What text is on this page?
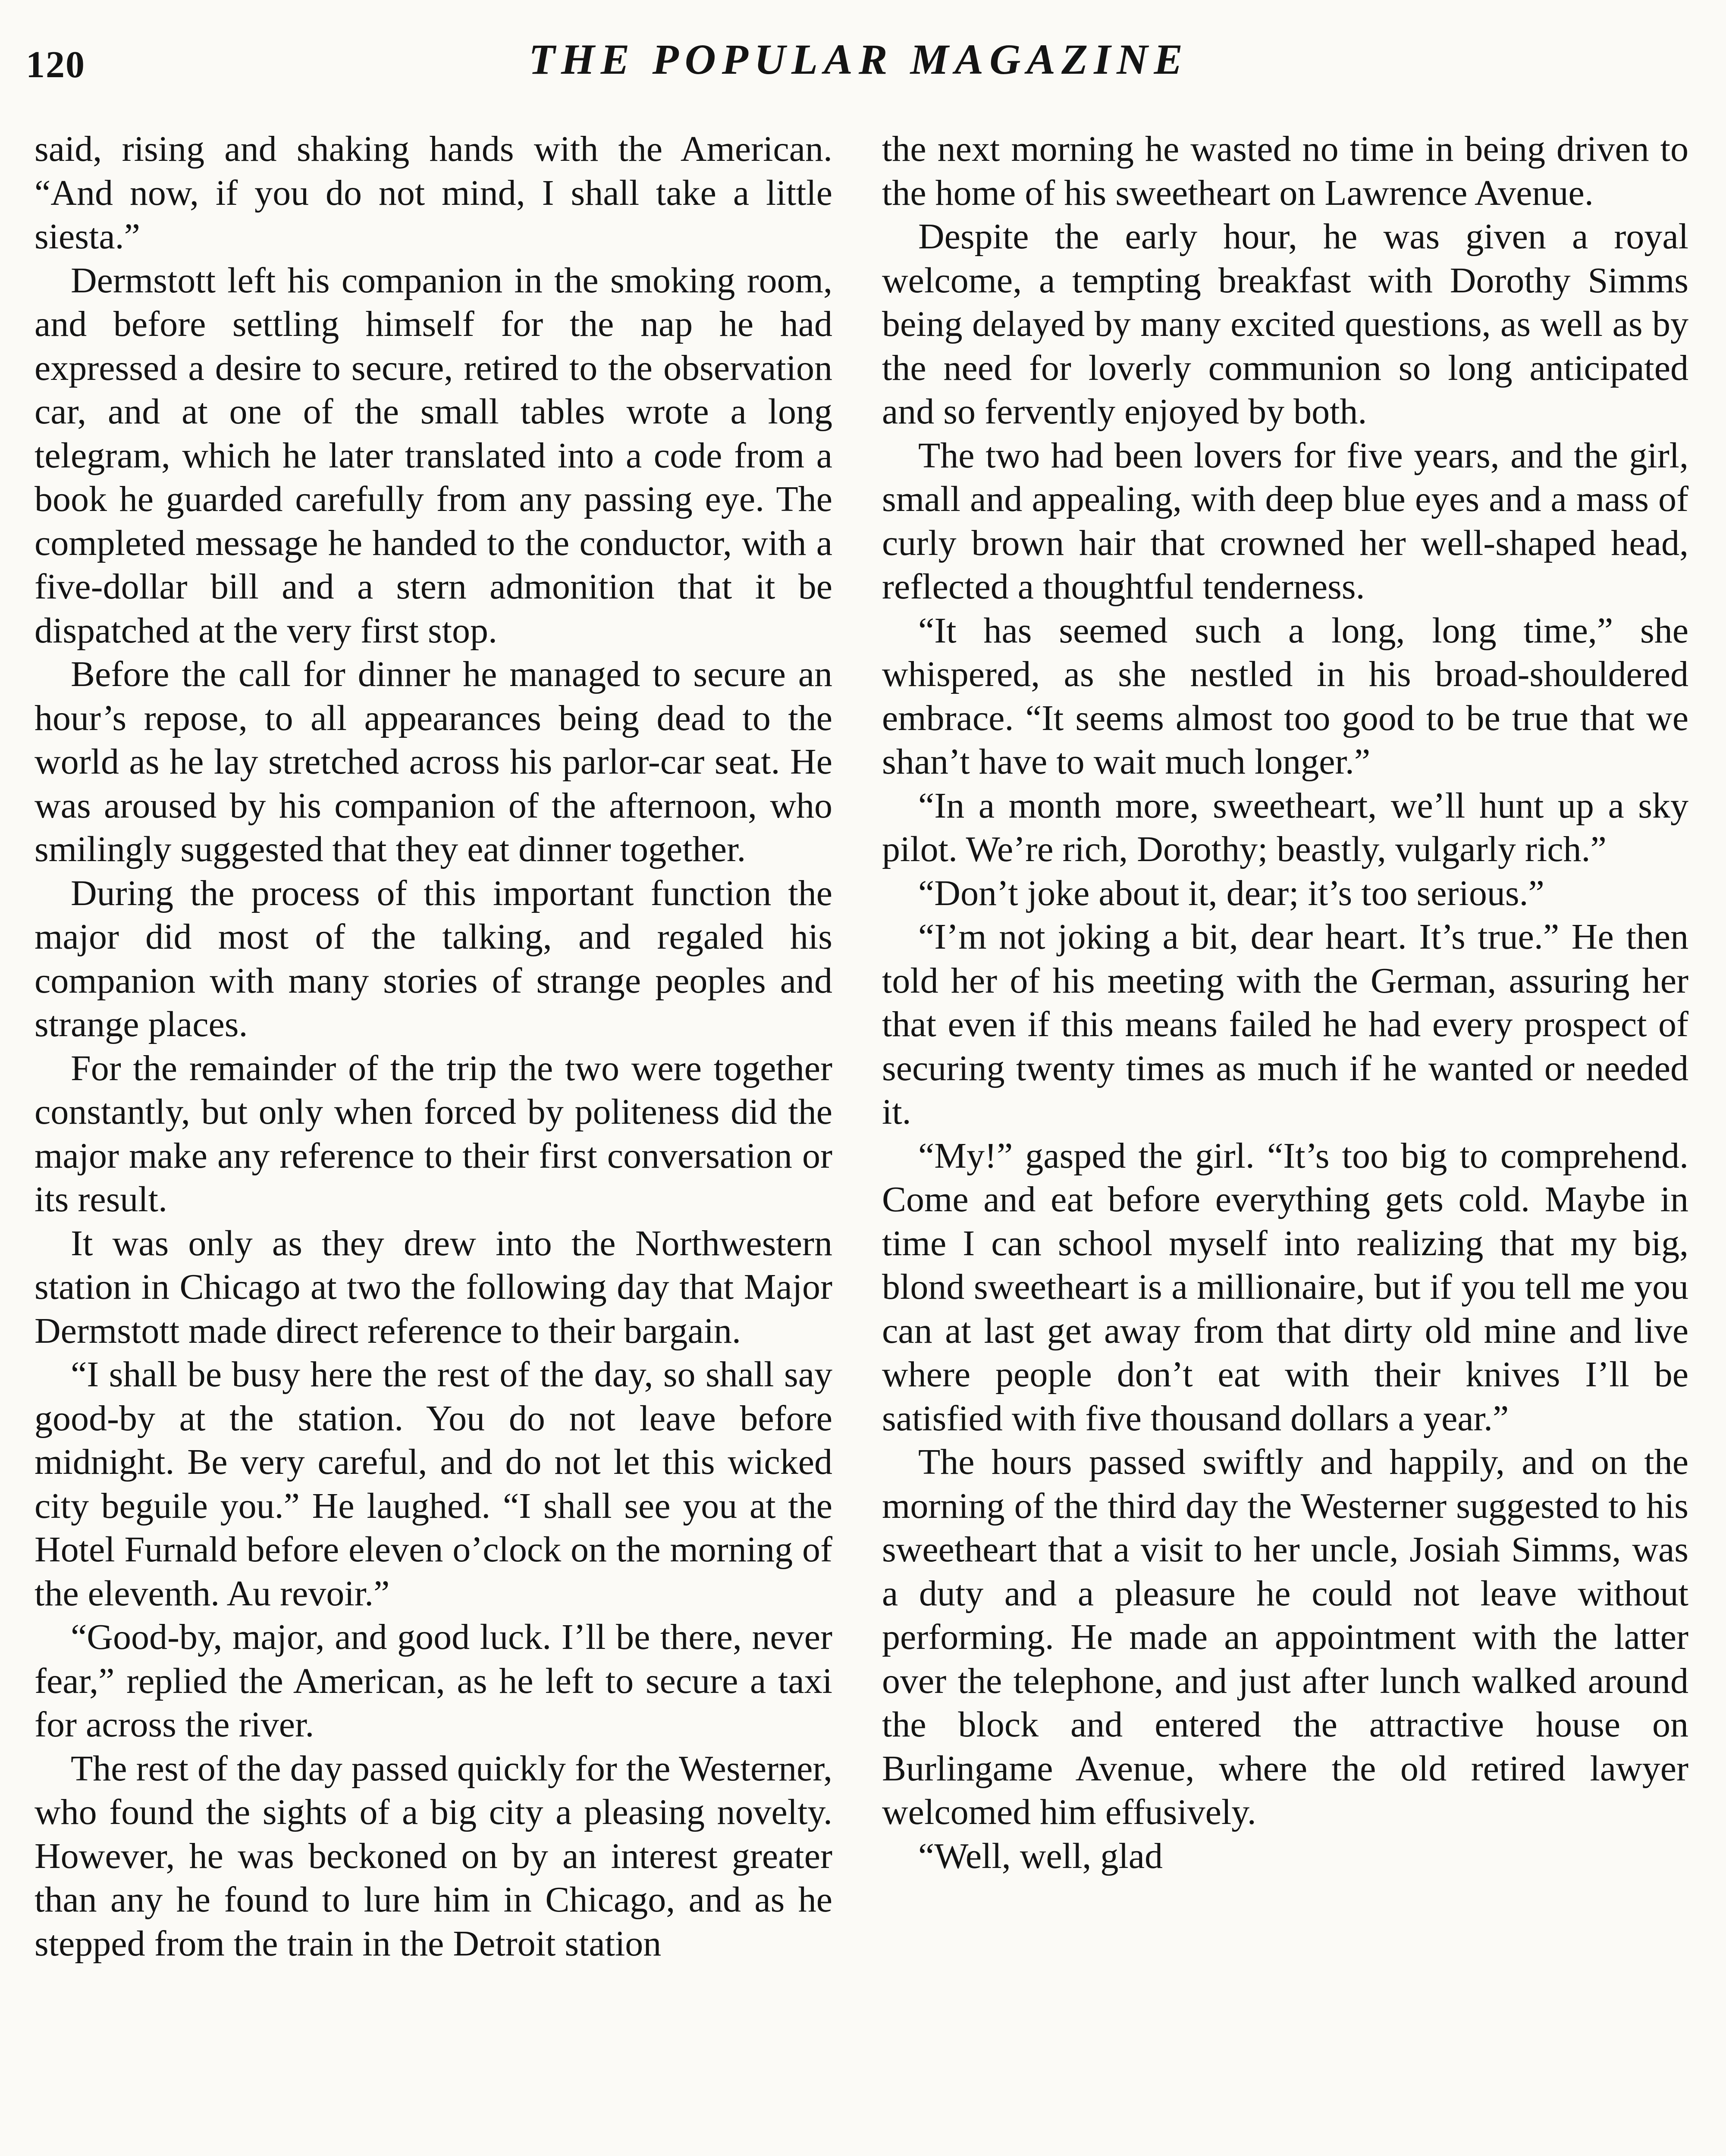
120	THE POPULAR MAGAZINE

said, rising and shaking hands with the American. “And now, if you do not mind, I shall take a little siesta.”

Dermstott left his companion in the smoking room, and before settling himself for the nap he had expressed a desire to secure, retired to the observation car, and at one of the small tables wrote a long telegram, which he later translated into a code from a book he guarded carefully from any passing eye. The completed message he handed to the conductor, with a five-dollar bill and a stern admonition that it be dispatched at the very first stop.

Before the call for dinner he managed to secure an hour’s repose, to all appearances being dead to the world as he lay stretched across his parlor-car seat. He was aroused by his companion of the afternoon, who smilingly suggested that they eat dinner together.

During the process of this important function the major did most of the talking, and regaled his companion with many stories of strange peoples and strange places.

For the remainder of the trip the two were together constantly, but only when forced by politeness did the major make any reference to their first conversation or its result.

It was only as they drew into the Northwestern station in Chicago at two the following day that Major Dermstott made direct reference to their bargain.

“I shall be busy here the rest of the day, so shall say good-by at the station. You do not leave before midnight. Be very careful, and do not let this wicked city beguile you.” He laughed. “I shall see you at the Hotel Furnald before eleven o’clock on the morning of the eleventh. Au revoir.”

“Good-by, major, and good luck. I’ll be there, never fear,” replied the American, as he left to secure a taxi for across the river.

The rest of the day passed quickly for the Westerner, who found the sights of a big city a pleasing novelty. However, he was beckoned on by an interest greater than any he found to lure him in Chicago, and as he stepped from the train in the Detroit station

the next morning he wasted no time in being driven to the home of his sweetheart on Lawrence Avenue.

Despite the early hour, he was given a royal welcome, a tempting breakfast with Dorothy Simms being delayed by many excited questions, as well as by the need for loverly communion so long anticipated and so fervently enjoyed by both.

The two had been lovers for five years, and the girl, small and appealing, with deep blue eyes and a mass of curly brown hair that crowned her well-shaped head, reflected a thoughtful tenderness.

“It has seemed such a long, long time,” she whispered, as she nestled in his broad-shouldered embrace. “It seems almost too good to be true that we shan’t have to wait much longer.”

“In a month more, sweetheart, we’ll hunt up a sky pilot. We’re rich, Dorothy; beastly, vulgarly rich.”

“Don’t joke about it, dear; it’s too serious.”

“I’m not joking a bit, dear heart. It’s true.” He then told her of his meeting with the German, assuring her that even if this means failed he had every prospect of securing twenty times as much if he wanted or needed it.

“My!” gasped the girl. “It’s too big to comprehend. Come and eat before everything gets cold. Maybe in time I can school myself into realizing that my big, blond sweetheart is a millionaire, but if you tell me you can at last get away from that dirty old mine and live where people don’t eat with their knives I’ll be satisfied with five thousand dollars a year.”

The hours passed swiftly and happily, and on the morning of the third day the Westerner suggested to his sweetheart that a visit to her uncle, Josiah Simms, was a duty and a pleasure he could not leave without performing. He made an appointment with the latter over the telephone, and just after lunch walked around the block and entered the attractive house on Burlingame Avenue, where the old retired lawyer welcomed him effusively.

“Well, well, glad
